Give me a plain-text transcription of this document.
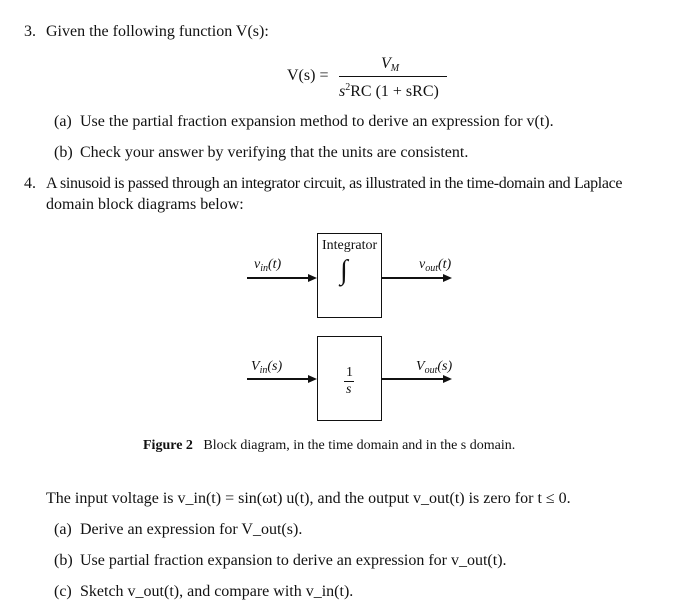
3. Given the following function V(s):
V(s) =
$V_M$
$s^2RC$ (1 + sRC)
(a) Use the partial fraction expansion method to derive an expression for v(t).
(b) Check your answer by verifying that the units are consistent.
4. A sinusoid is passed through an integrator circuit, as illustrated in the time-domain and Laplace
domain block diagrams below:
Integrator
∫
$v_{in}(t)$	$v_{out}(t)$
1
s
$V_{in}(s)$	$V_{out}(s)$
Figure 2 Block diagram, in the time domain and in the s domain.
The input voltage is v_in(t) = sin(ωt) u(t), and the output v_out(t) is zero for t ≤ 0.
(a) Derive an expression for V_out(s).
(b) Use partial fraction expansion to derive an expression for v_out(t).
(c) Sketch v_out(t), and compare with v_in(t).
